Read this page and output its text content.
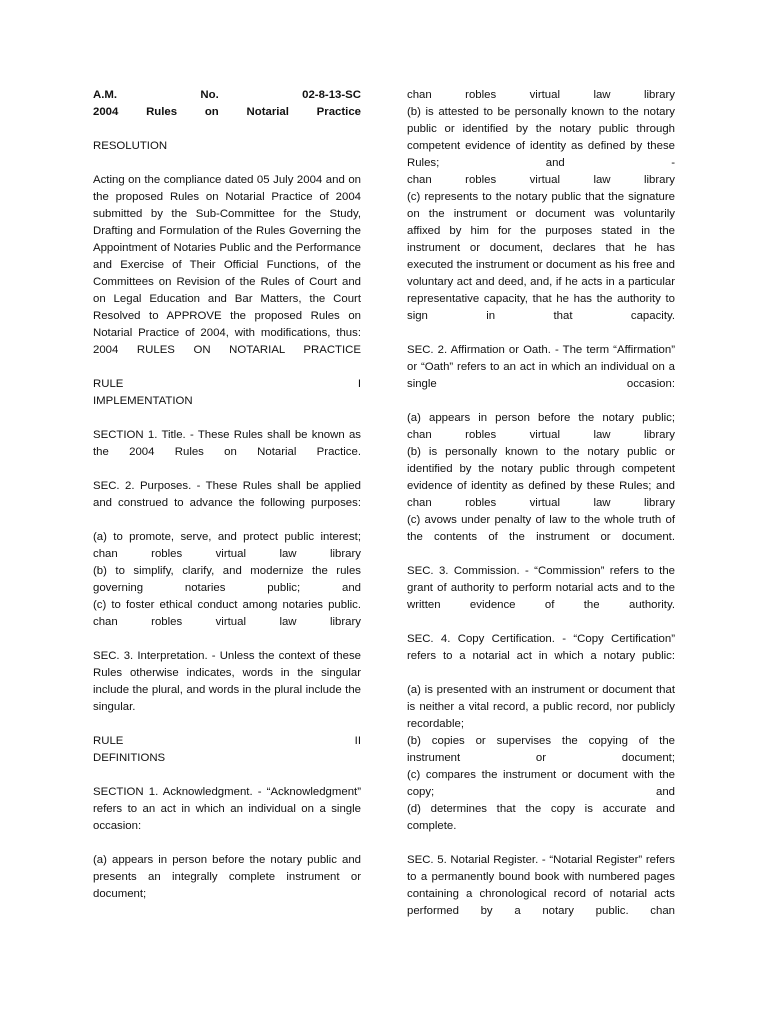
A.M. No. 02-8-13-SC
2004 Rules on Notarial Practice

RESOLUTION

Acting on the compliance dated 05 July 2004 and on the proposed Rules on Notarial Practice of 2004 submitted by the Sub-Committee for the Study, Drafting and Formulation of the Rules Governing the Appointment of Notaries Public and the Performance and Exercise of Their Official Functions, of the Committees on Revision of the Rules of Court and on Legal Education and Bar Matters, the Court Resolved to APPROVE the proposed Rules on Notarial Practice of 2004, with modifications, thus:
2004 RULES ON NOTARIAL PRACTICE

RULE I
IMPLEMENTATION

SECTION 1. Title. - These Rules shall be known as the 2004 Rules on Notarial Practice.

SEC. 2. Purposes. - These Rules shall be applied and construed to advance the following purposes:

(a) to promote, serve, and protect public interest;
chan robles virtual law library
(b) to simplify, clarify, and modernize the rules governing notaries public; and
(c) to foster ethical conduct among notaries public.
chan robles virtual law library

SEC. 3. Interpretation. - Unless the context of these Rules otherwise indicates, words in the singular include the plural, and words in the plural include the singular.

RULE II
DEFINITIONS

SECTION 1. Acknowledgment. - “Acknowledgment” refers to an act in which an individual on a single occasion:

(a) appears in person before the notary public and presents an integrally complete instrument or document;

chan robles virtual law library
(b) is attested to be personally known to the notary public or identified by the notary public through competent evidence of identity as defined by these Rules; and -
chan robles virtual law library
(c) represents to the notary public that the signature on the instrument or document was voluntarily affixed by him for the purposes stated in the instrument or document, declares that he has executed the instrument or document as his free and voluntary act and deed, and, if he acts in a particular representative capacity, that he has the authority to sign in that capacity.

SEC. 2. Affirmation or Oath. - The term “Affirmation” or “Oath” refers to an act in which an individual on a single occasion:

(a) appears in person before the notary public;
chan robles virtual law library
(b) is personally known to the notary public or identified by the notary public through competent evidence of identity as defined by these Rules; and
chan robles virtual law library
(c) avows under penalty of law to the whole truth of the contents of the instrument or document.

SEC. 3. Commission. - “Commission” refers to the grant of authority to perform notarial acts and to the written evidence of the authority.

SEC. 4. Copy Certification. - “Copy Certification” refers to a notarial act in which a notary public:

(a) is presented with an instrument or document that is neither a vital record, a public record, nor publicly recordable;
(b) copies or supervises the copying of the instrument or document;
(c) compares the instrument or document with the copy; and
(d) determines that the copy is accurate and complete.

SEC. 5. Notarial Register. - “Notarial Register” refers to a permanently bound book with numbered pages containing a chronological record of notarial acts performed by a notary public. chan
